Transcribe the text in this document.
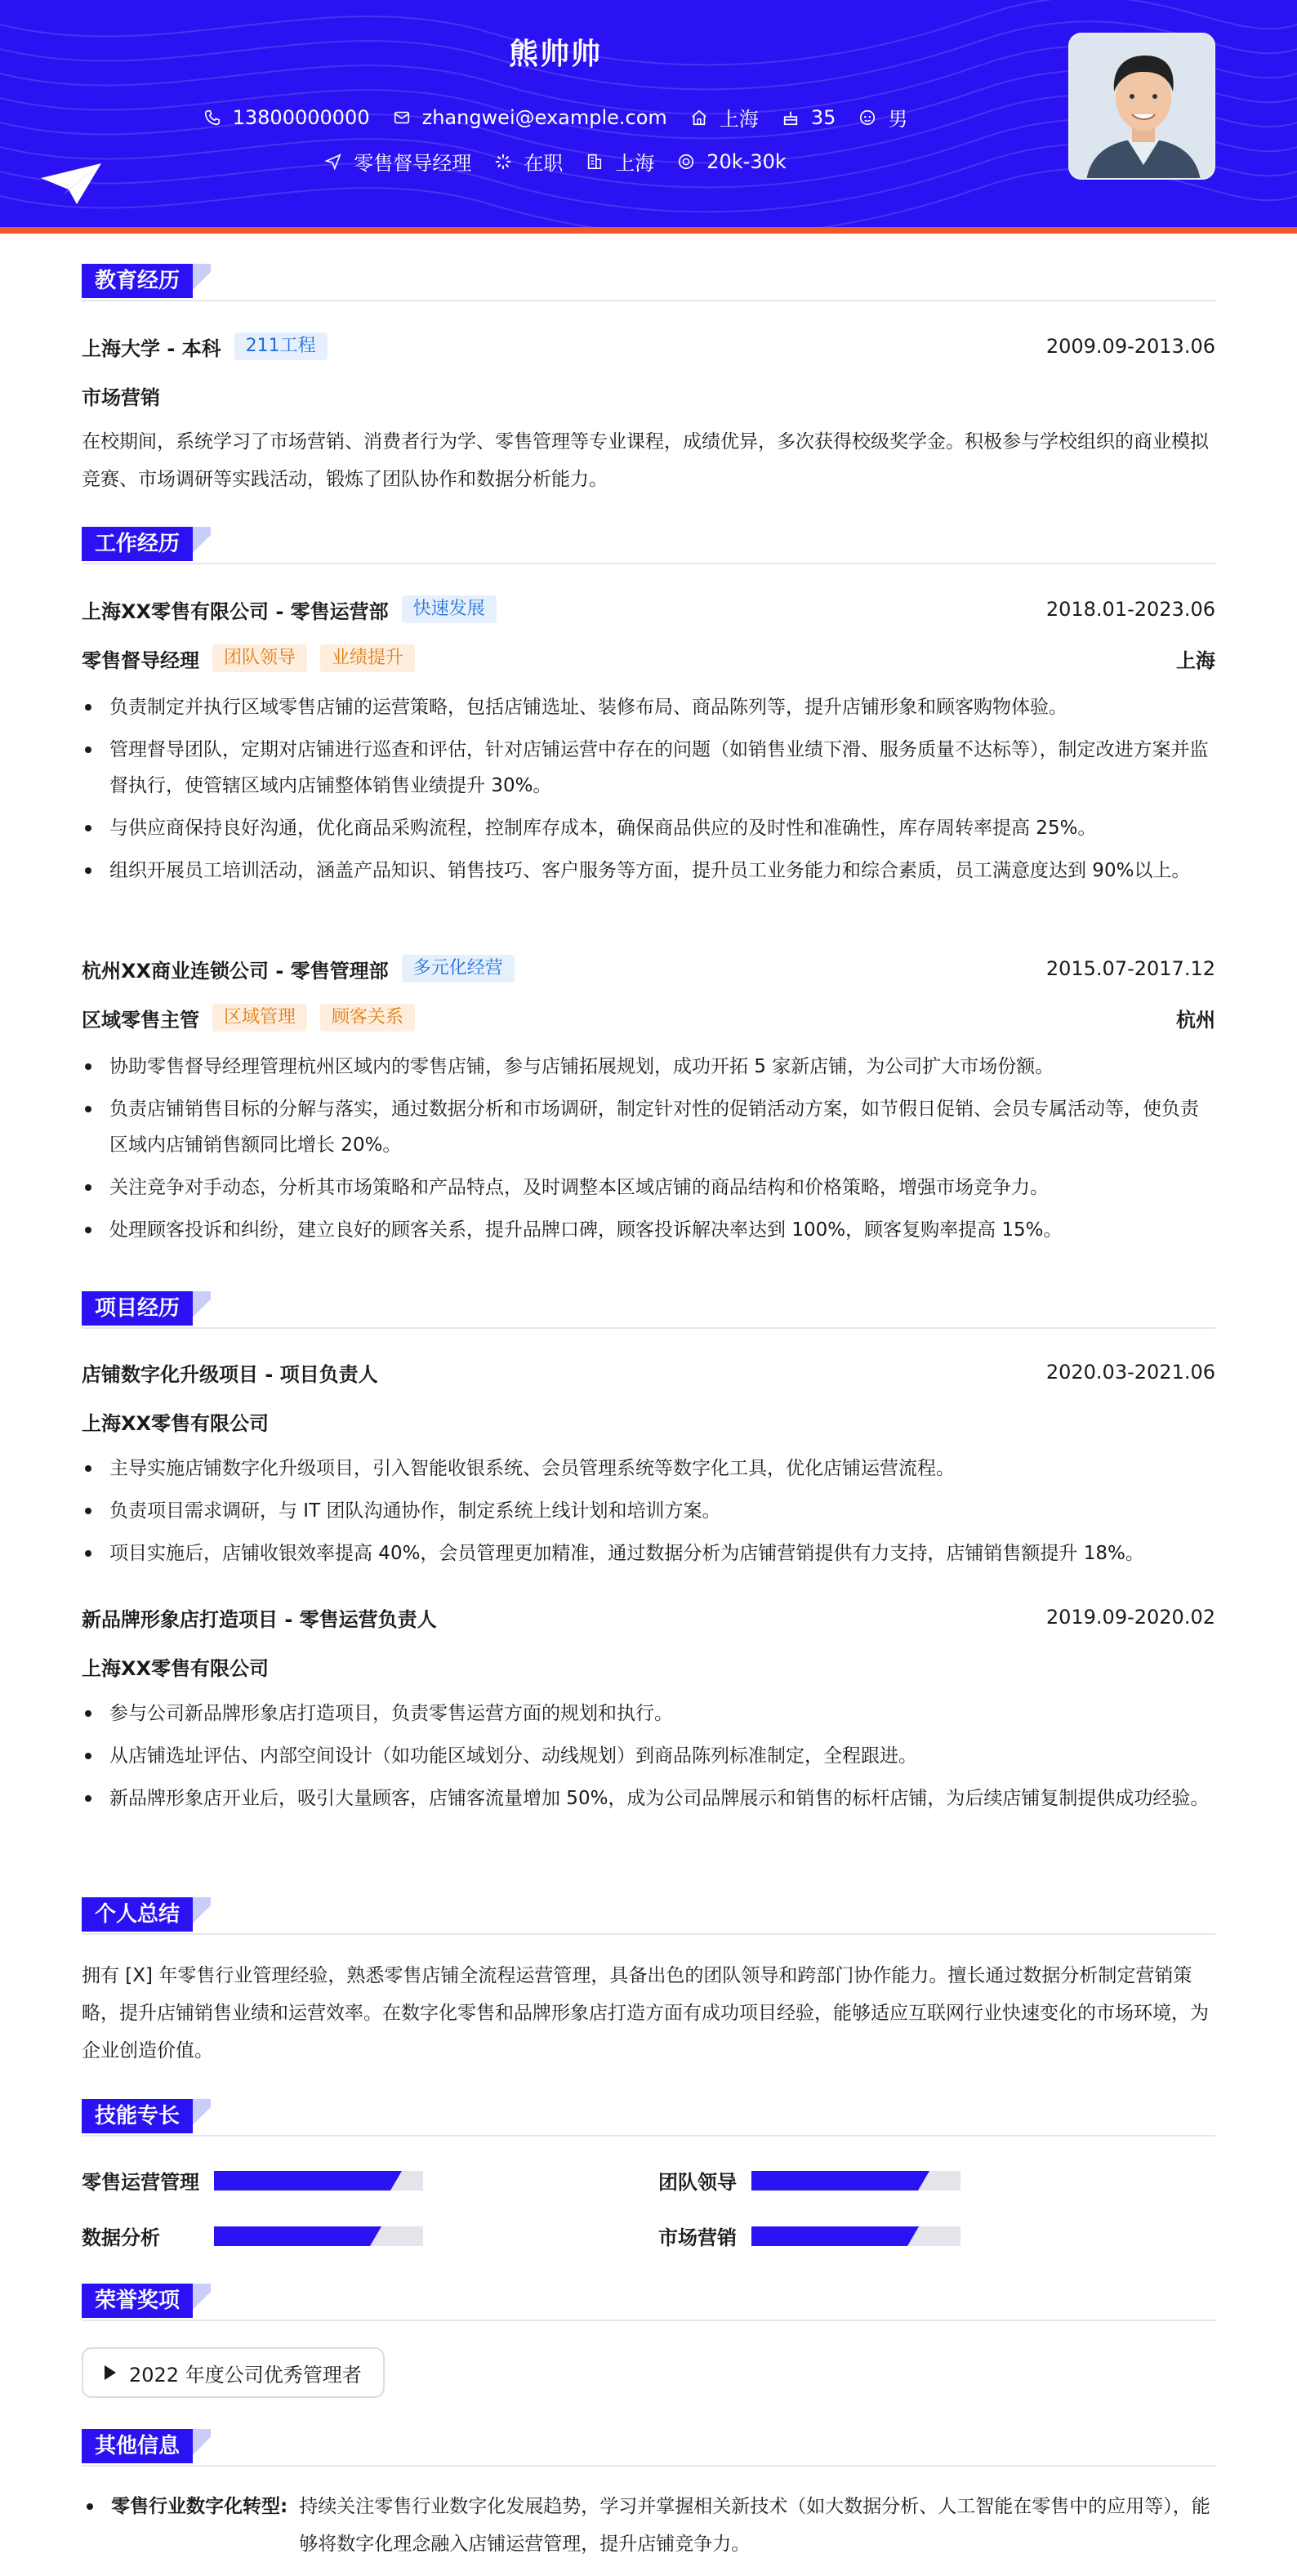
熊帅帅
13800000000	zhangwei@example.com	上海	35	男
零售督导经理	在职	上海	20k-30k
教育经历
上海大学 - 本科	211工程	2009.09-2013.06
市场营销
在校期间，系统学习了市场营销、消费者行为学、零售管理等专业课程，成绩优异，多次获得校级奖学金。积极参与学校组织的商业模拟竞赛、市场调研等实践活动，锻炼了团队协作和数据分析能力。
工作经历
上海XX零售有限公司 - 零售运营部	快速发展	2018.01-2023.06
零售督导经理	团队领导	业绩提升	上海
负责制定并执行区域零售店铺的运营策略，包括店铺选址、装修布局、商品陈列等，提升店铺形象和顾客购物体验。
管理督导团队，定期对店铺进行巡查和评估，针对店铺运营中存在的问题（如销售业绩下滑、服务质量不达标等），制定改进方案并监督执行，使管辖区域内店铺整体销售业绩提升 30%。
与供应商保持良好沟通，优化商品采购流程，控制库存成本，确保商品供应的及时性和准确性，库存周转率提高 25%。
组织开展员工培训活动，涵盖产品知识、销售技巧、客户服务等方面，提升员工业务能力和综合素质，员工满意度达到 90%以上。
杭州XX商业连锁公司 - 零售管理部	多元化经营	2015.07-2017.12
区域零售主管	区域管理	顾客关系	杭州
协助零售督导经理管理杭州区域内的零售店铺，参与店铺拓展规划，成功开拓 5 家新店铺，为公司扩大市场份额。
负责店铺销售目标的分解与落实，通过数据分析和市场调研，制定针对性的促销活动方案，如节假日促销、会员专属活动等，使负责区域内店铺销售额同比增长 20%。
关注竞争对手动态，分析其市场策略和产品特点，及时调整本区域店铺的商品结构和价格策略，增强市场竞争力。
处理顾客投诉和纠纷，建立良好的顾客关系，提升品牌口碑，顾客投诉解决率达到 100%，顾客复购率提高 15%。
项目经历
店铺数字化升级项目 - 项目负责人	2020.03-2021.06
上海XX零售有限公司
主导实施店铺数字化升级项目，引入智能收银系统、会员管理系统等数字化工具，优化店铺运营流程。
负责项目需求调研，与 IT 团队沟通协作，制定系统上线计划和培训方案。
项目实施后，店铺收银效率提高 40%，会员管理更加精准，通过数据分析为店铺营销提供有力支持，店铺销售额提升 18%。
新品牌形象店打造项目 - 零售运营负责人	2019.09-2020.02
上海XX零售有限公司
参与公司新品牌形象店打造项目，负责零售运营方面的规划和执行。
从店铺选址评估、内部空间设计（如功能区域划分、动线规划）到商品陈列标准制定，全程跟进。
新品牌形象店开业后，吸引大量顾客，店铺客流量增加 50%，成为公司品牌展示和销售的标杆店铺，为后续店铺复制提供成功经验。
个人总结
拥有 [X] 年零售行业管理经验，熟悉零售店铺全流程运营管理，具备出色的团队领导和跨部门协作能力。擅长通过数据分析制定营销策略，提升店铺销售业绩和运营效率。在数字化零售和品牌形象店打造方面有成功项目经验，能够适应互联网行业快速变化的市场环境，为企业创造价值。
技能专长
零售运营管理	团队领导
数据分析	市场营销
荣誉奖项
2022 年度公司优秀管理者
其他信息
零售行业数字化转型: 持续关注零售行业数字化发展趋势，学习并掌握相关新技术（如大数据分析、人工智能在零售中的应用等），能够将数字化理念融入店铺运营管理，提升店铺竞争力。
